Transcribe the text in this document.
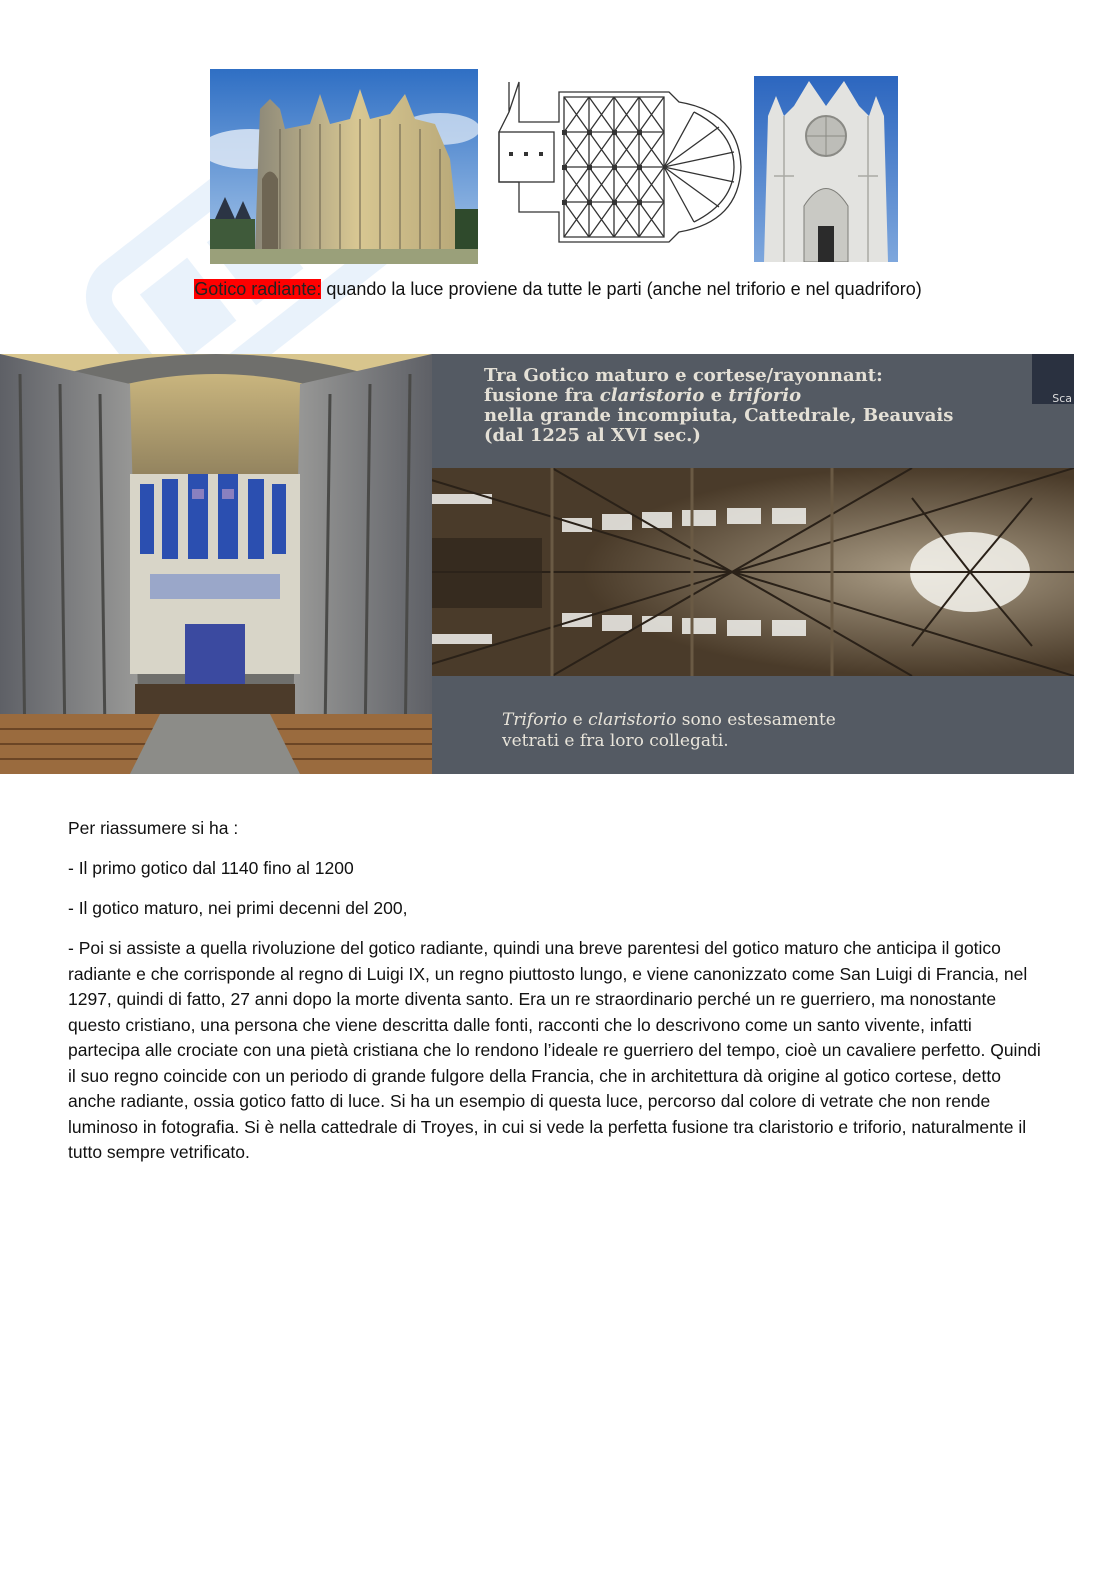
Gotico radiante: quando la luce proviene da tutte le parti (anche nel triforio e nel quadriforo)
Tra Gotico maturo e cortese/rayonnant:
fusione fra claristorio e triforio
nella grande incompiuta, Cattedrale, Beauvais
(dal 1225 al XVI sec.)
Sca
Triforio e claristorio sono estesamente
vetrati e fra loro collegati.
Per riassumere si ha :
- Il primo gotico dal 1140 fino al 1200
- Il gotico maturo, nei primi decenni del 200,
- Poi si assiste a quella rivoluzione del gotico radiante, quindi una breve parentesi del gotico maturo che anticipa il gotico radiante e che corrisponde al regno di Luigi IX, un regno piuttosto lungo, e viene canonizzato come San Luigi di Francia, nel 1297, quindi di fatto, 27 anni dopo la morte diventa santo. Era un re straordinario perché un re guerriero, ma nonostante questo cristiano, una persona che viene descritta dalle fonti, racconti che lo descrivono come un santo vivente, infatti partecipa alle crociate con una pietà cristiana che lo rendono l’ideale re guerriero del tempo, cioè un cavaliere perfetto. Quindi il suo regno coincide con un periodo di grande fulgore della Francia, che in architettura dà origine al gotico cortese, detto anche radiante, ossia gotico fatto di luce. Si ha un esempio di questa luce, percorso dal colore di vetrate che non rende luminoso in fotografia. Si è nella cattedrale di Troyes, in cui si vede la perfetta fusione tra claristorio e triforio, naturalmente il tutto sempre vetrificato.
